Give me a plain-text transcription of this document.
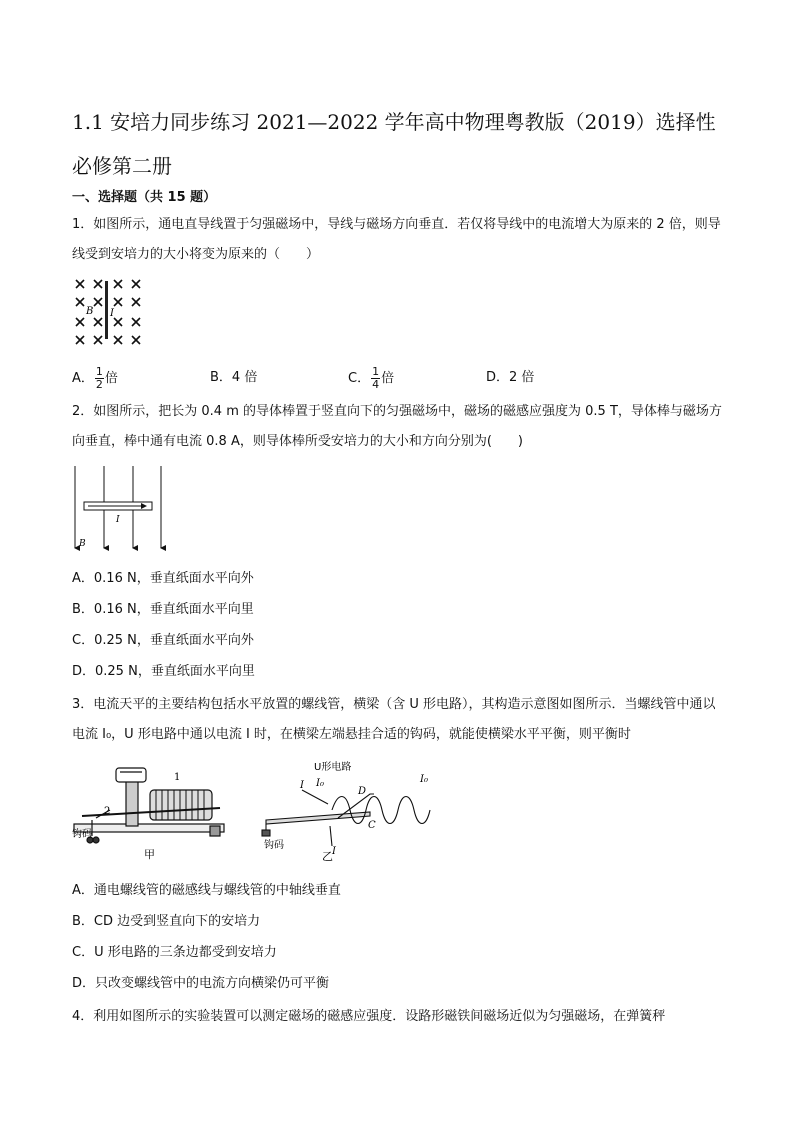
1.1 安培力同步练习 2021—2022 学年高中物理粤教版（2019）选择性必修第二册
一、选择题（共 15 题）
1．如图所示，通电直导线置于匀强磁场中，导线与磁场方向垂直．若仅将导线中的电流增大为原来的 2 倍，则导线受到安培力的大小将变为原来的（　　）
B I
A． $\frac{1}{2}$ 倍	B．4 倍	C． $\frac{1}{4}$ 倍	D．2 倍
2．如图所示，把长为 0.4 m 的导体棒置于竖直向下的匀强磁场中，磁场的磁感应强度为 0.5 T，导体棒与磁场方向垂直，棒中通有电流 0.8 A，则导体棒所受安培力的大小和方向分别为(　　)
I
B
A．0.16 N，垂直纸面水平向外
B．0.16 N，垂直纸面水平向里
C．0.25 N，垂直纸面水平向外
D．0.25 N，垂直纸面水平向里
3．电流天平的主要结构包括水平放置的螺线管，横梁（含 U 形电路），其构造示意图如图所示．当螺线管中通以电流 I₀，U 形电路中通以电流 I 时，在横梁左端悬挂合适的钩码，就能使横梁水平平衡，则平衡时
1
2
钩码
甲
U形电路
I I₀
D
C
I₀
I
钩码
乙
A．通电螺线管的磁感线与螺线管的中轴线垂直
B．CD 边受到竖直向下的安培力
C．U 形电路的三条边都受到安培力
D．只改变螺线管中的电流方向横梁仍可平衡
4．利用如图所示的实验装置可以测定磁场的磁感应强度．设路形磁铁间磁场近似为匀强磁场，在弹簧秤
